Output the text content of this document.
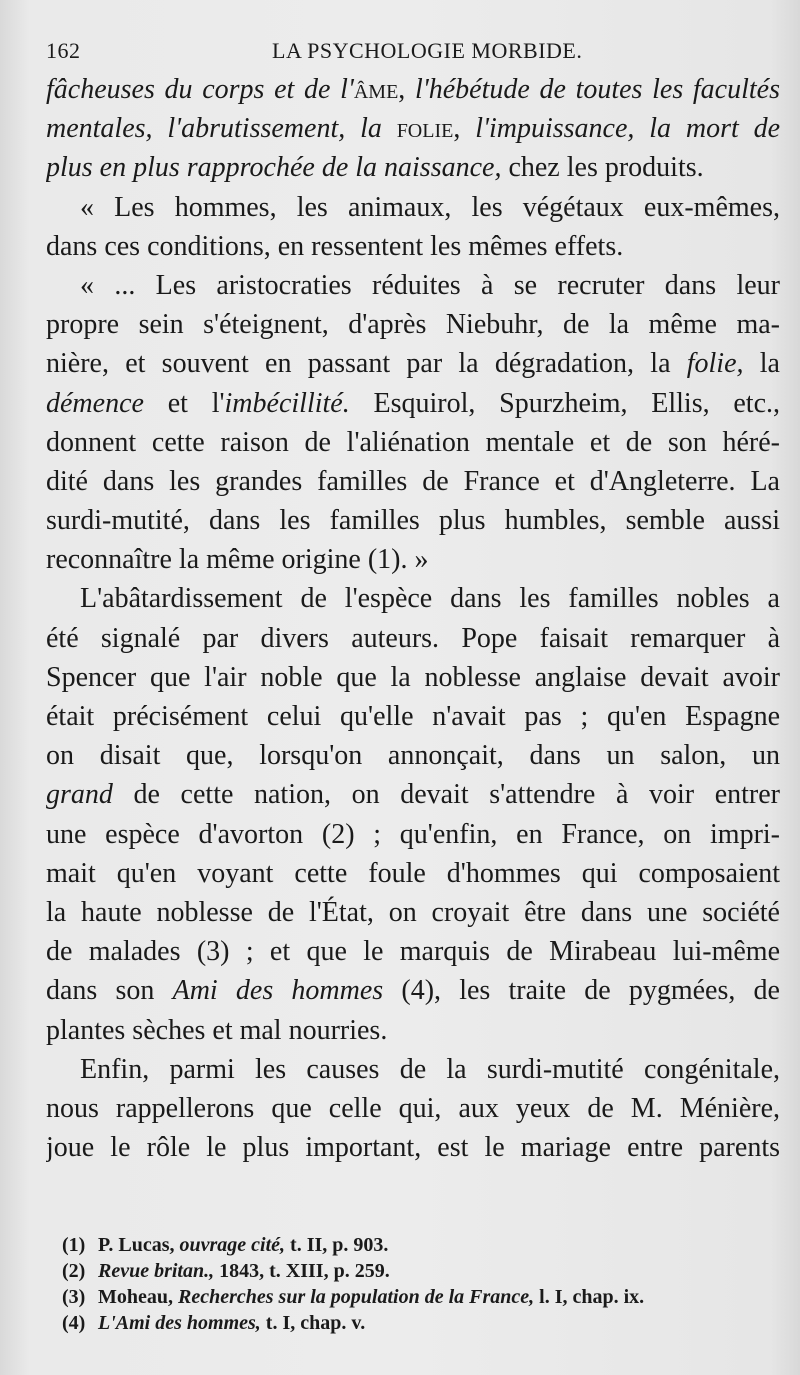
162	LA PSYCHOLOGIE MORBIDE.
fâcheuses du corps et de l'âme, l'hébétude de toutes les facultés
mentales, l'abrutissement, la folie, l'impuissance, la mort de
plus en plus rapprochée de la naissance, chez les produits.
« Les hommes, les animaux, les végétaux eux-mêmes,
dans ces conditions, en ressentent les mêmes effets.
« ... Les aristocraties réduites à se recruter dans leur
propre sein s'éteignent, d'après Niebuhr, de la même ma-
nière, et souvent en passant par la dégradation, la folie, la
démence et l'imbécillité. Esquirol, Spurzheim, Ellis, etc.,
donnent cette raison de l'aliénation mentale et de son héré-
dité dans les grandes familles de France et d'Angleterre. La
surdi-mutité, dans les familles plus humbles, semble aussi
reconnaître la même origine (1). »
L'abâtardissement de l'espèce dans les familles nobles a
été signalé par divers auteurs. Pope faisait remarquer à
Spencer que l'air noble que la noblesse anglaise devait avoir
était précisément celui qu'elle n'avait pas ; qu'en Espagne
on disait que, lorsqu'on annonçait, dans un salon, un
grand de cette nation, on devait s'attendre à voir entrer
une espèce d'avorton (2) ; qu'enfin, en France, on impri-
mait qu'en voyant cette foule d'hommes qui composaient
la haute noblesse de l'État, on croyait être dans une société
de malades (3) ; et que le marquis de Mirabeau lui-même
dans son Ami des hommes (4), les traite de pygmées, de
plantes sèches et mal nourries.
Enfin, parmi les causes de la surdi-mutité congénitale,
nous rappellerons que celle qui, aux yeux de M. Ménière,
joue le rôle le plus important, est le mariage entre parents
(1) P. Lucas, ouvrage cité, t. II, p. 903.
(2) Revue britan., 1843, t. XIII, p. 259.
(3) Moheau, Recherches sur la population de la France, l. I, chap. ix.
(4) L'Ami des hommes, t. I, chap. v.
